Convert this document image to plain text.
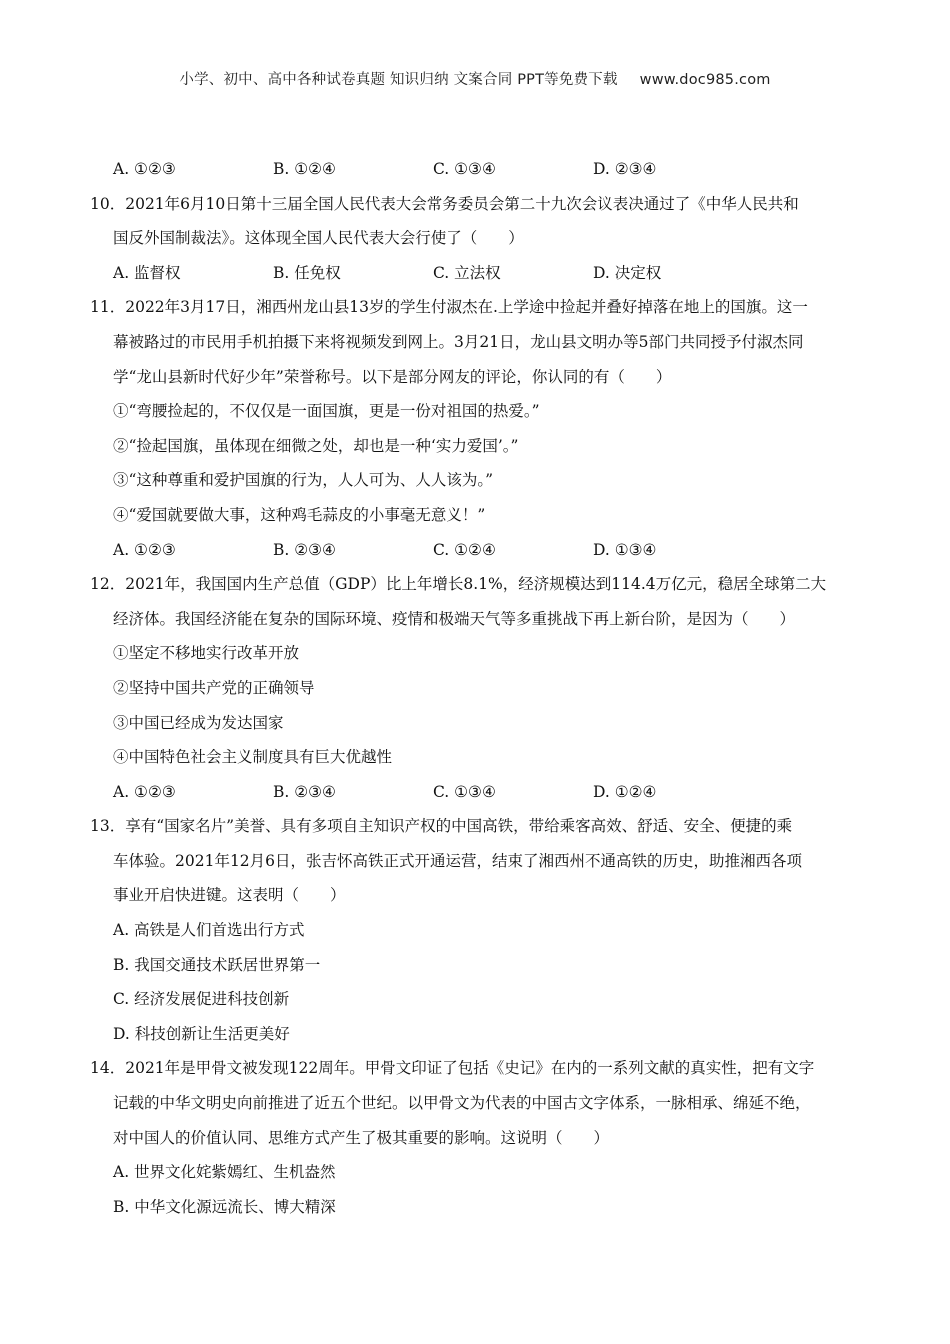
小学、初中、高中各种试卷真题 知识归纳 文案合同 PPT等免费下载 www.doc985.com
A. ①②③	B. ①②④	C. ①③④	D. ②③④
10．2021年6月10日第十三届全国人民代表大会常务委员会第二十九次会议表决通过了《中华人民共和
国反外国制裁法》。这体现全国人民代表大会行使了（　　）
A. 监督权	B. 任免权	C. 立法权	D. 决定权
11．2022年3月17日，湘西州龙山县13岁的学生付淑杰在.上学途中捡起并叠好掉落在地上的国旗。这一
幕被路过的市民用手机拍摄下来将视频发到网上。3月21日，龙山县文明办等5部门共同授予付淑杰同
学“龙山县新时代好少年”荣誉称号。以下是部分网友的评论，你认同的有（　　）
①“弯腰捡起的，不仅仅是一面国旗，更是一份对祖国的热爱。”
②“捡起国旗，虽体现在细微之处，却也是一种‘实力爱国’。”
③“这种尊重和爱护国旗的行为，人人可为、人人该为。”
④“爱国就要做大事，这种鸡毛蒜皮的小事毫无意义！”
A. ①②③	B. ②③④	C. ①②④	D. ①③④
12．2021年，我国国内生产总值（GDP）比上年增长8.1%，经济规模达到114.4万亿元，稳居全球第二大
经济体。我国经济能在复杂的国际环境、疫情和极端天气等多重挑战下再上新台阶，是因为（　　）
①坚定不移地实行改革开放
②坚持中国共产党的正确领导
③中国已经成为发达国家
④中国特色社会主义制度具有巨大优越性
A. ①②③	B. ②③④	C. ①③④	D. ①②④
13．享有“国家名片”美誉、具有多项自主知识产权的中国高铁，带给乘客高效、舒适、安全、便捷的乘
车体验。2021年12月6日，张吉怀高铁正式开通运营，结束了湘西州不通高铁的历史，助推湘西各项
事业开启快进键。这表明（　　）
A. 高铁是人们首选出行方式
B. 我国交通技术跃居世界第一
C. 经济发展促进科技创新
D. 科技创新让生活更美好
14．2021年是甲骨文被发现122周年。甲骨文印证了包括《史记》在内的一系列文献的真实性，把有文字
记载的中华文明史向前推进了近五个世纪。以甲骨文为代表的中国古文字体系，一脉相承、绵延不绝，
对中国人的价值认同、思维方式产生了极其重要的影响。这说明（　　）
A. 世界文化姹紫嫣红、生机盎然
B. 中华文化源远流长、博大精深
